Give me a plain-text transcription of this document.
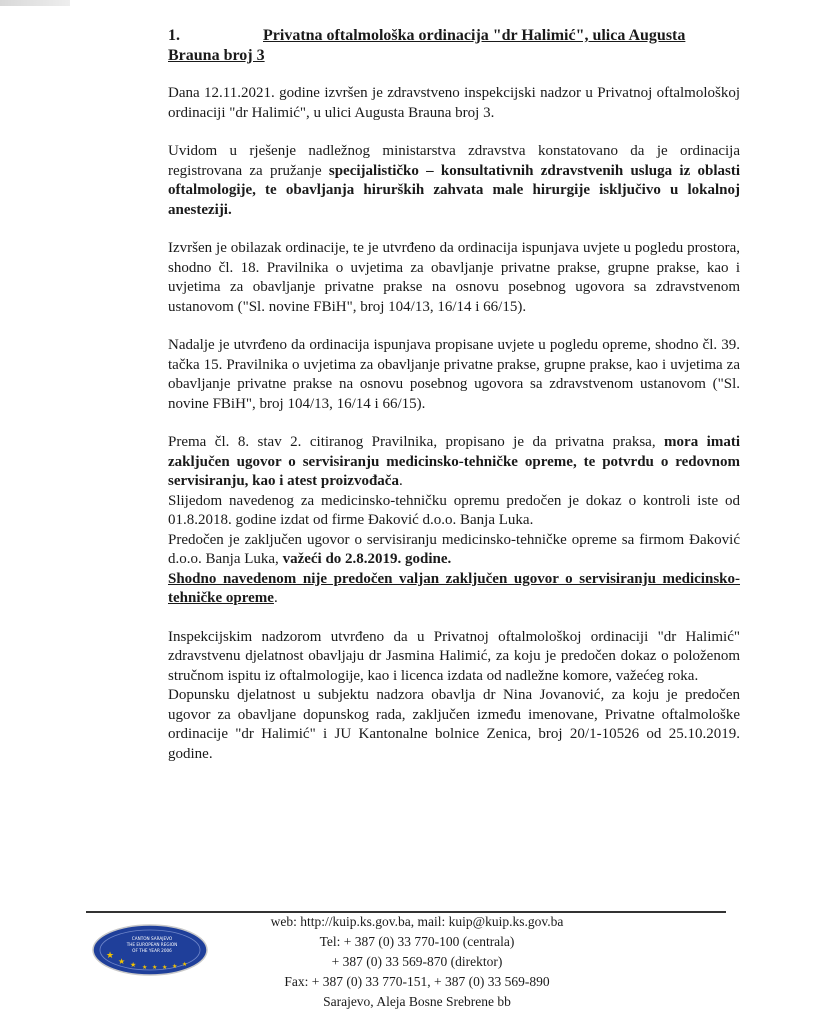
1.	Privatna oftalmološka ordinacija "dr Halimić", ulica Augusta Brauna broj 3
Dana 12.11.2021. godine izvršen je zdravstveno inspekcijski nadzor u Privatnoj oftalmološkoj ordinaciji "dr Halimić", u ulici Augusta Brauna broj 3.
Uvidom u rješenje nadležnog ministarstva zdravstva konstatovano da je ordinacija registrovana za pružanje specijalističko – konsultativnih zdravstvenih usluga iz oblasti oftalmologije, te obavljanja hirurških zahvata male hirurgije isključivo u lokalnoj anesteziji.
Izvršen je obilazak ordinacije, te je utvrđeno da ordinacija ispunjava uvjete u pogledu prostora, shodno čl. 18. Pravilnika o uvjetima za obavljanje privatne prakse, grupne prakse, kao i uvjetima za obavljanje privatne prakse na osnovu posebnog ugovora sa zdravstvenom ustanovom ("Sl. novine FBiH", broj 104/13, 16/14 i 66/15).
Nadalje je utvrđeno da ordinacija ispunjava propisane uvjete u pogledu opreme, shodno čl. 39. tačka 15. Pravilnika o uvjetima za obavljanje privatne prakse, grupne prakse, kao i uvjetima za obavljanje privatne prakse na osnovu posebnog ugovora sa zdravstvenom ustanovom ("Sl. novine FBiH", broj 104/13, 16/14 i 66/15).
Prema čl. 8. stav 2. citiranog Pravilnika, propisano je da privatna praksa, mora imati zaključen ugovor o servisiranju medicinsko-tehničke opreme, te potvrdu o redovnom servisiranju, kao i atest proizvođača.
Slijedom navedenog za medicinsko-tehničku opremu predočen je dokaz o kontroli iste od 01.8.2018. godine izdat od firme Đaković d.o.o. Banja Luka.
Predočen je zaključen ugovor o servisiranju medicinsko-tehničke opreme sa firmom Đaković d.o.o. Banja Luka, važeći do 2.8.2019. godine.
Shodno navedenom nije predočen valjan zaključen ugovor o servisiranju medicinsko-tehničke opreme.
Inspekcijskim nadzorom utvrđeno da u Privatnoj oftalmološkoj ordinaciji "dr Halimić" zdravstvenu djelatnost obavljaju dr Jasmina Halimić, za koju je predočen dokaz o položenom stručnom ispitu iz oftalmologije, kao i licenca izdata od nadležne komore, važećeg roka.
Dopunsku djelatnost u subjektu nadzora obavlja dr Nina Jovanović, za koju je predočen ugovor za obavljane dopunskog rada, zaključen između imenovane, Privatne oftalmološke ordinacije "dr Halimić" i JU Kantonalne bolnice Zenica, broj 20/1-10526 od 25.10.2019. godine.
CANTON SARAJEVO
THE EUROPEAN REGION
OF THE YEAR 2006
★
★ ★ ★ ★ ★ ★ ★
web: http://kuip.ks.gov.ba, mail: kuip@kuip.ks.gov.ba
Tel: + 387 (0) 33 770-100 (centrala)
+ 387 (0) 33 569-870 (direktor)
Fax: + 387 (0) 33 770-151, + 387 (0) 33 569-890
Sarajevo, Aleja Bosne Srebrene bb
